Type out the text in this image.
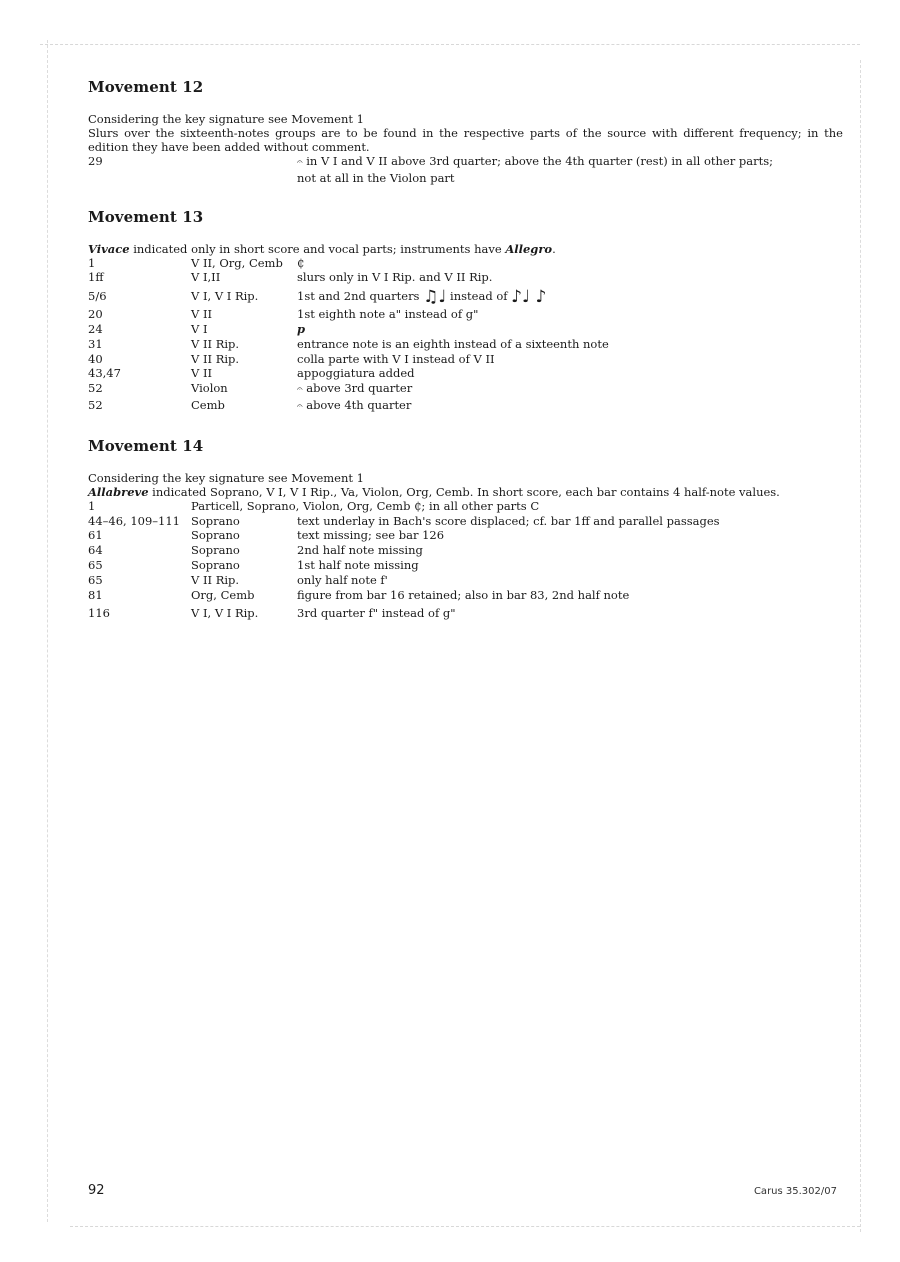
Movement 12

Considering the key signature see Movement 1

Slurs over the sixteenth-notes groups are to be found in the respective parts of the source with different frequency; in the edition they have been added without comment.

29	𝄐 in V I and V II above 3rd quarter; above the 4th quarter (rest) in all other parts;
not at all in the Violon part
Movement 13

Vivace indicated only in short score and vocal parts; instruments have Allegro.

1	V II, Org, Cemb	₵
1ff	V I,II	slurs only in V I Rip. and V II Rip.
5/6	V I, V I Rip.	1st and 2nd quarters ♫♩ instead of ♪♩ ♪
20	V II	1st eighth note a" instead of g"
24	V I	p
31	V II Rip.	entrance note is an eighth instead of a sixteenth note
40	V II Rip.	colla parte with V I instead of V II
43,47	V II	appoggiatura added
52	Violon	𝄐 above 3rd quarter
52	Cemb	𝄐 above 4th quarter
Movement 14

Considering the key signature see Movement 1

Allabreve indicated Soprano, V I, V I Rip., Va, Violon, Org, Cemb. In short score, each bar contains 4 half-note values.

1	Particell, Soprano, Violon, Org, Cemb ₵; in all other parts C
44–46, 109–111 Soprano	text underlay in Bach's score displaced; cf. bar 1ff and parallel passages
61	Soprano	text missing; see bar 126
64	Soprano	2nd half note missing
65	Soprano	1st half note missing
65	V II Rip.	only half note f'
81	Org, Cemb	figure from bar 16 retained; also in bar 83, 2nd half note
116	V I, V I Rip.	3rd quarter f" instead of g"
92	Carus 35.302/07
